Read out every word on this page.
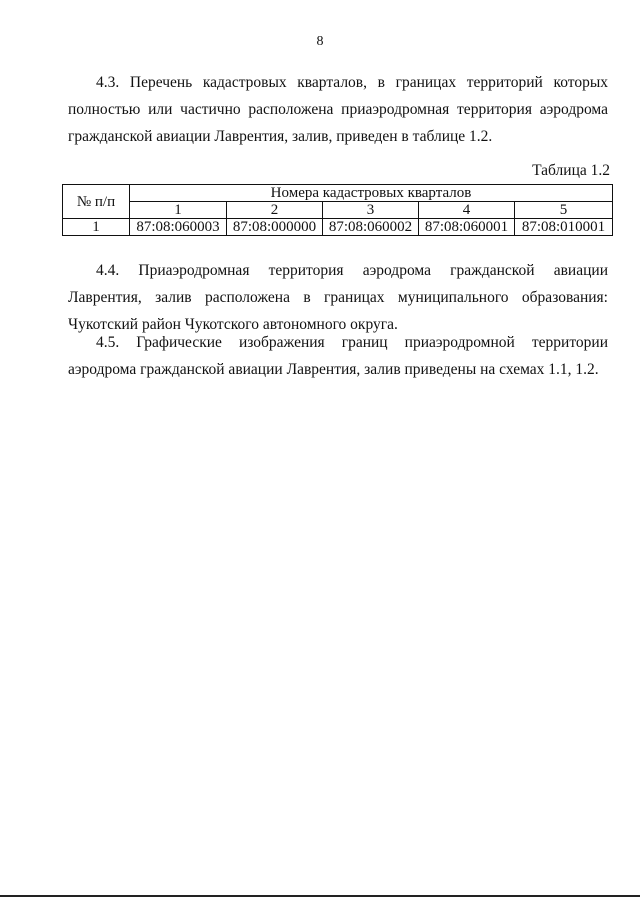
8

4.3. Перечень кадастровых кварталов, в границах территорий которых полностью или частично расположена приаэродромная территория аэродрома гражданской авиации Лаврентия, залив, приведен в таблице 1.2.

Таблица 1.2
№ п/п	Номера кадастровых кварталов				
	1	2	3	4	5
1	87:08:060003	87:08:000000	87:08:060002	87:08:060001	87:08:010001

4.4. Приаэродромная территория аэродрома гражданской авиации Лаврентия, залив расположена в границах муниципального образования: Чукотский район Чукотского автономного округа.

4.5. Графические изображения границ приаэродромной территории аэродрома гражданской авиации Лаврентия, залив приведены на схемах 1.1, 1.2.
